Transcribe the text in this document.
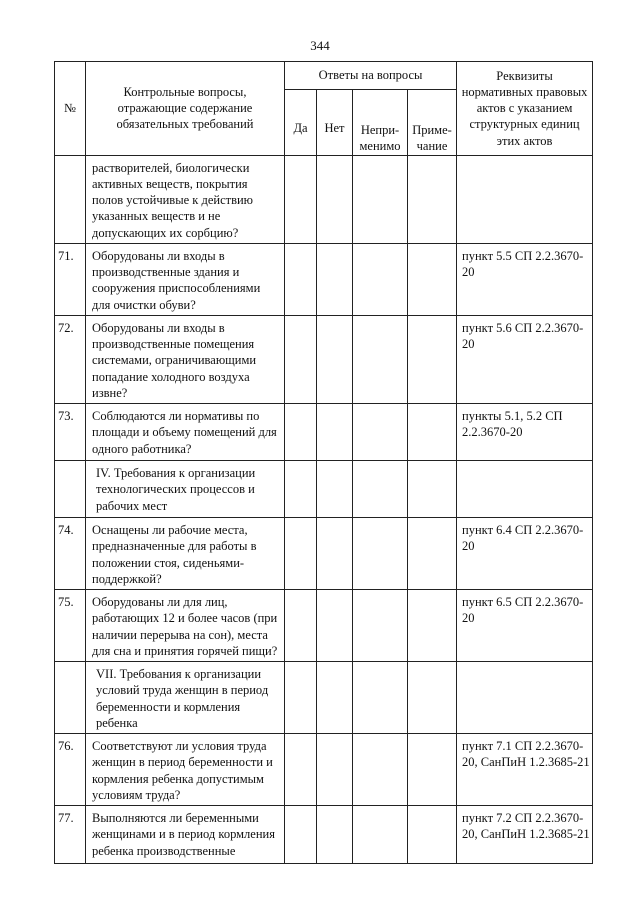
344
№	Контрольные вопросы, отражающие содержание обязательных требований	Ответы на вопросы				Реквизиты нормативных правовых актов с указанием структурных единиц этих актов
		Да	Нет	Непри-менимо	Приме-чание	
	растворителей, биологически активных веществ, покрытия полов устойчивые к действию указанных веществ и не допускающих их сорбцию?					
71.	Оборудованы ли входы в производственные здания и сооружения приспособлениями для очистки обуви?					пункт 5.5 СП 2.2.3670-20
72.	Оборудованы ли входы в производственные помещения системами, ограничивающими попадание холодного воздуха извне?					пункт 5.6 СП 2.2.3670-20
73.	Соблюдаются ли нормативы по площади и объему помещений для одного работника?					пункты 5.1, 5.2 СП 2.2.3670-20
	IV. Требования к организации технологических процессов и рабочих мест					
74.	Оснащены ли рабочие места, предназначенные для работы в положении стоя, сиденьями-поддержкой?					пункт 6.4 СП 2.2.3670-20
75.	Оборудованы ли для лиц, работающих 12 и более часов (при наличии перерыва на сон), места для сна и принятия горячей пищи?					пункт 6.5 СП 2.2.3670-20
	VII. Требования к организации условий труда женщин в период беременности и кормления ребенка					
76.	Соответствуют ли условия труда женщин в период беременности и кормления ребенка допустимым условиям труда?					пункт 7.1 СП 2.2.3670-20, СанПиН 1.2.3685-21
77.	Выполняются ли беременными женщинами и в период кормления ребенка производственные					пункт 7.2 СП 2.2.3670-20, СанПиН 1.2.3685-21
